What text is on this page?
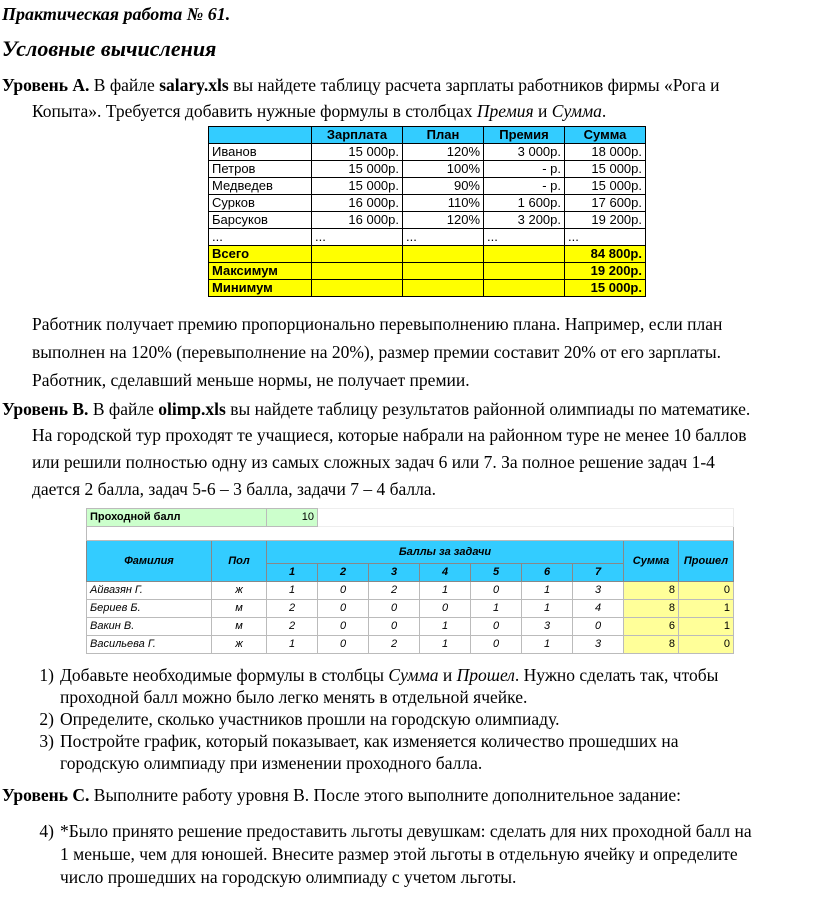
Практическая работа № 61.
Условные вычисления
Уровень А. В файле salary.xls вы найдете таблицу расчета зарплаты работников фирмы «Рога и
Копыта». Требуется добавить нужные формулы в столбцах Премия и Сумма.
	Зарплата	План	Премия	Сумма
Иванов	15 000р.	120%	3 000р.	18 000р.
Петров	15 000р.	100%	- р.	15 000р.
Медведев	15 000р.	90%	- р.	15 000р.
Сурков	16 000р.	110%	1 600р.	17 600р.
Барсуков	16 000р.	120%	3 200р.	19 200р.
...	...	...	...	...
Всего				84 800р.
Максимум				19 200р.
Минимум				15 000р.
Работник получает премию пропорционально перевыполнению плана. Например, если план
выполнен на 120% (перевыполнение на 20%), размер премии составит 20% от его зарплаты.
Работник, сделавший меньше нормы, не получает премии.
Уровень B. В файле olimp.xls вы найдете таблицу результатов районной олимпиады по математике.
На городской тур проходят те учащиеся, которые набрали на районном туре не менее 10 баллов
или решили полностью одну из самых сложных задач 6 или 7. За полное решение задач 1-4
дается 2 балла, задач 5-6 – 3 балла, задачи 7 – 4 балла.
Проходной балл		10								

Фамилия	Пол	Баллы за задачи							Сумма	Прошел
		1	2	3	4	5	6	7		
Айвазян Г.	ж	1	0	2	1	0	1	3	8	0
Бериев Б.	м	2	0	0	0	1	1	4	8	1
Вакин В.	м	2	0	0	1	0	3	0	6	1
Васильева Г.	ж	1	0	2	1	0	1	3	8	0
1) Добавьте необходимые формулы в столбцы Сумма и Прошел. Нужно сделать так, чтобы
проходной балл можно было легко менять в отдельной ячейке.
2) Определите, сколько участников прошли на городскую олимпиаду.
3) Постройте график, который показывает, как изменяется количество прошедших на
городскую олимпиаду при изменении проходного балла.
Уровень C. Выполните работу уровня B. После этого выполните дополнительное задание:
4) *Было принято решение предоставить льготы девушкам: сделать для них проходной балл на
1 меньше, чем для юношей. Внесите размер этой льготы в отдельную ячейку и определите
число прошедших на городскую олимпиаду с учетом льготы.
